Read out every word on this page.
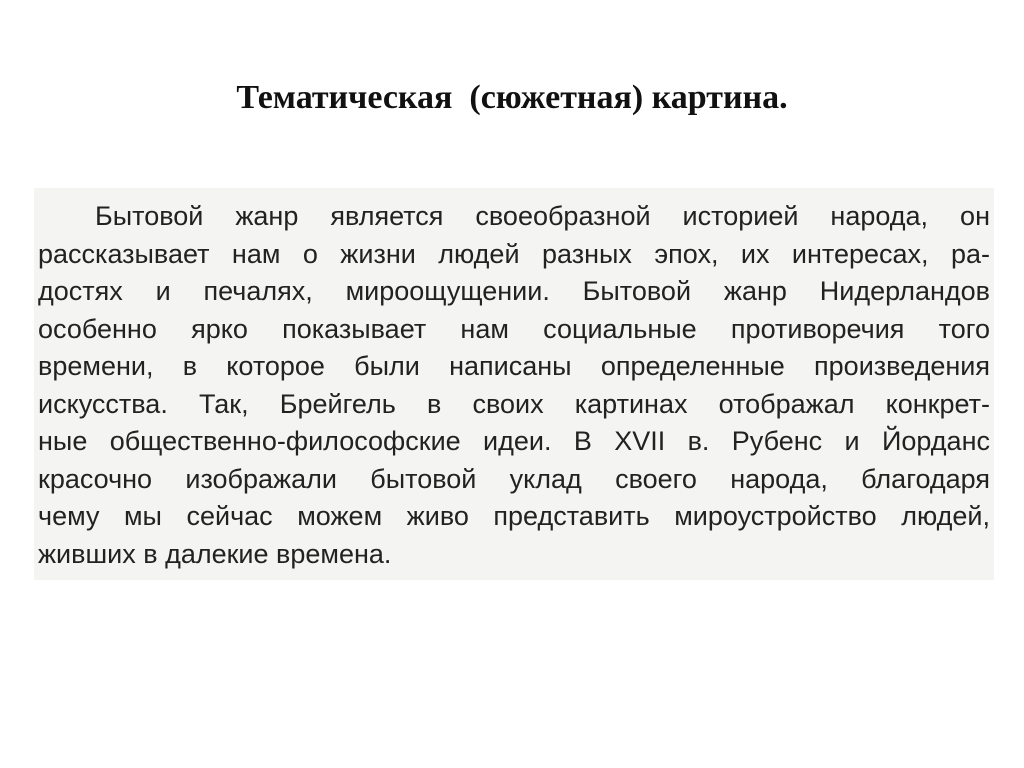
Тематическая  (сюжетная) картина.

Бытовой жанр является своеобразной историей народа, он
рассказывает нам о жизни людей разных эпох, их интересах, ра-
достях и печалях, мироощущении. Бытовой жанр Нидерландов
особенно ярко показывает нам социальные противоречия того
времени, в которое были написаны определенные произведения
искусства. Так, Брейгель в своих картинах отображал конкрет-
ные общественно-философские идеи. В XVII в. Рубенс и Йорданс
красочно изображали бытовой уклад своего народа, благодаря
чему мы сейчас можем живо представить мироустройство людей,
живших в далекие времена.
